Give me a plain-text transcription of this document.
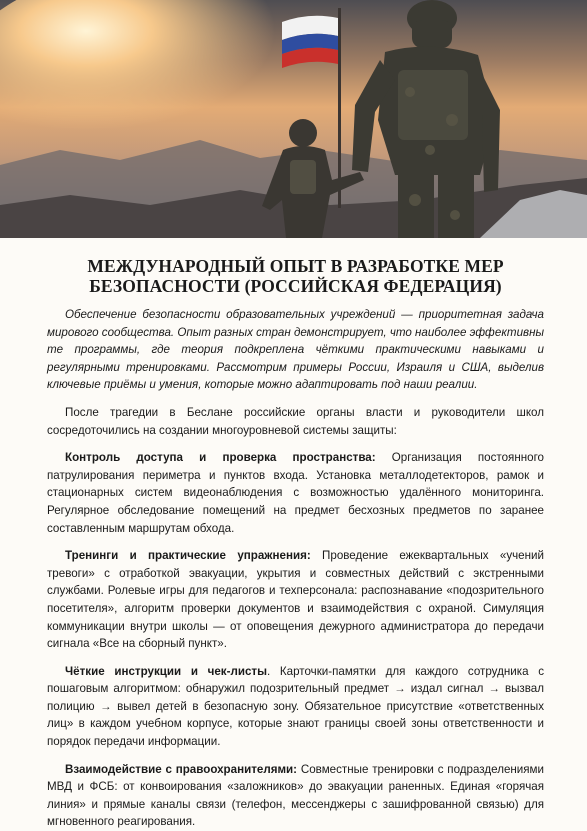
МЕЖДУНАРОДНЫЙ ОПЫТ В РАЗРАБОТКЕ МЕР БЕЗОПАСНОСТИ (РОССИЙСКАЯ ФЕДЕРАЦИЯ)

Обеспечение безопасности образовательных учреждений — приоритетная задача мирового сообщества. Опыт разных стран демонстрирует, что наиболее эффективны те программы, где теория подкреплена чёткими практическими навыками и регулярными тренировками. Рассмотрим примеры России, Израиля и США, выделив ключевые приёмы и умения, которые можно адаптировать под наши реалии.

После трагедии в Беслане российские органы власти и руководители школ сосредоточились на создании многоуровневой системы защиты:

Контроль доступа и проверка пространства: Организация постоянного патрулирования периметра и пунктов входа. Установка металлодетекторов, рамок и стационарных систем видеонаблюдения с возможностью удалённого мониторинга. Регулярное обследование помещений на предмет бесхозных предметов по заранее составленным маршрутам обхода.

Тренинги и практические упражнения: Проведение ежеквартальных «учений тревоги» с отработкой эвакуации, укрытия и совместных действий с экстренными службами. Ролевые игры для педагогов и техперсонала: распознавание «подозрительного посетителя», алгоритм проверки документов и взаимодействия с охраной. Симуляция коммуникации внутри школы — от оповещения дежурного администратора до передачи сигнала «Все на сборный пункт».

Чёткие инструкции и чек-листы. Карточки-памятки для каждого сотрудника с пошаговым алгоритмом: обнаружил подозрительный предмет → издал сигнал → вызвал полицию → вывел детей в безопасную зону. Обязательное присутствие «ответственных лиц» в каждом учебном корпусе, которые знают границы своей зоны ответственности и порядок передачи информации.

Взаимодействие с правоохранителями: Совместные тренировки с подразделениями МВД и ФСБ: от конвоирования «заложников» до эвакуации раненных. Единая «горячая линия» и прямые каналы связи (телефон, мессенджеры с зашифрованной связью) для мгновенного реагирования.
